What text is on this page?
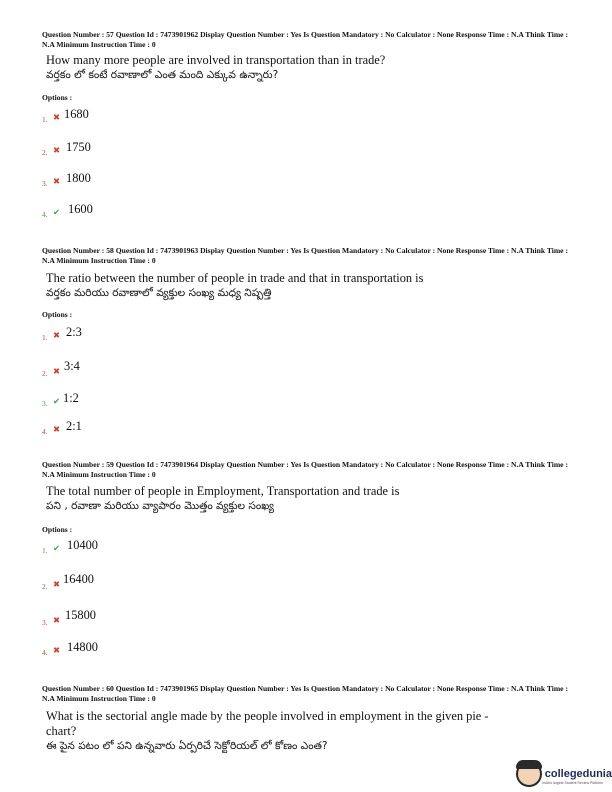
Question Number : 57 Question Id : 7473901962 Display Question Number : Yes Is Question Mandatory : No Calculator : None Response Time : N.A Think Time : N.A Minimum Instruction Time : 0
How many more people are involved in transportation than in trade?
వర్తకం లో కంటే రవాణాలో ఎంత మంది ఎక్కువ ఉన్నారు?
Options :
1. ✖ 1680
2. ✖ 1750
3. ✖ 1800
4. ✔ 1600
Question Number : 58 Question Id : 7473901963 Display Question Number : Yes Is Question Mandatory : No Calculator : None Response Time : N.A Think Time : N.A Minimum Instruction Time : 0
The ratio between the number of people in trade and that in transportation is
వర్తకం మరియు రవాణాలో వ్యక్తుల సంఖ్య మధ్య నిష్పత్తి
Options :
1. ✖ 2:3
2. ✖ 3:4
3. ✔ 1:2
4. ✖ 2:1
Question Number : 59 Question Id : 7473901964 Display Question Number : Yes Is Question Mandatory : No Calculator : None Response Time : N.A Think Time : N.A Minimum Instruction Time : 0
The total number of people in Employment, Transportation and trade is
పని , రవాణా మరియు వ్యాపారం మొత్తం వ్యక్తుల సంఖ్య
Options :
1. ✔ 10400
2. ✖ 16400
3. ✖ 15800
4. ✖ 14800
Question Number : 60 Question Id : 7473901965 Display Question Number : Yes Is Question Mandatory : No Calculator : None Response Time : N.A Think Time : N.A Minimum Instruction Time : 0
What is the sectorial angle made by the people involved in employment in the given pie -chart?
ఈ పైన పటం లో పని ఉన్నవారు ఏర్పరిచే సెక్టోరియల్ లో కోణం ఎంత?
collegedunia
India's largest Student Review Platform
